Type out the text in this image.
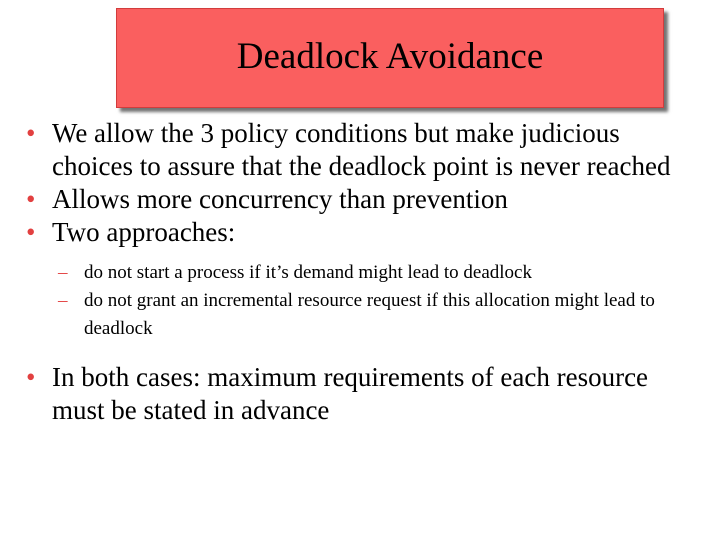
Deadlock Avoidance
• We allow the 3 policy conditions but make judicious choices to assure that the deadlock point is never reached
• Allows more concurrency than prevention
• Two approaches:
– do not start a process if it’s demand might lead to deadlock
– do not grant an incremental resource request if this allocation might lead to deadlock
• In both cases: maximum requirements of each resource must be stated in advance
